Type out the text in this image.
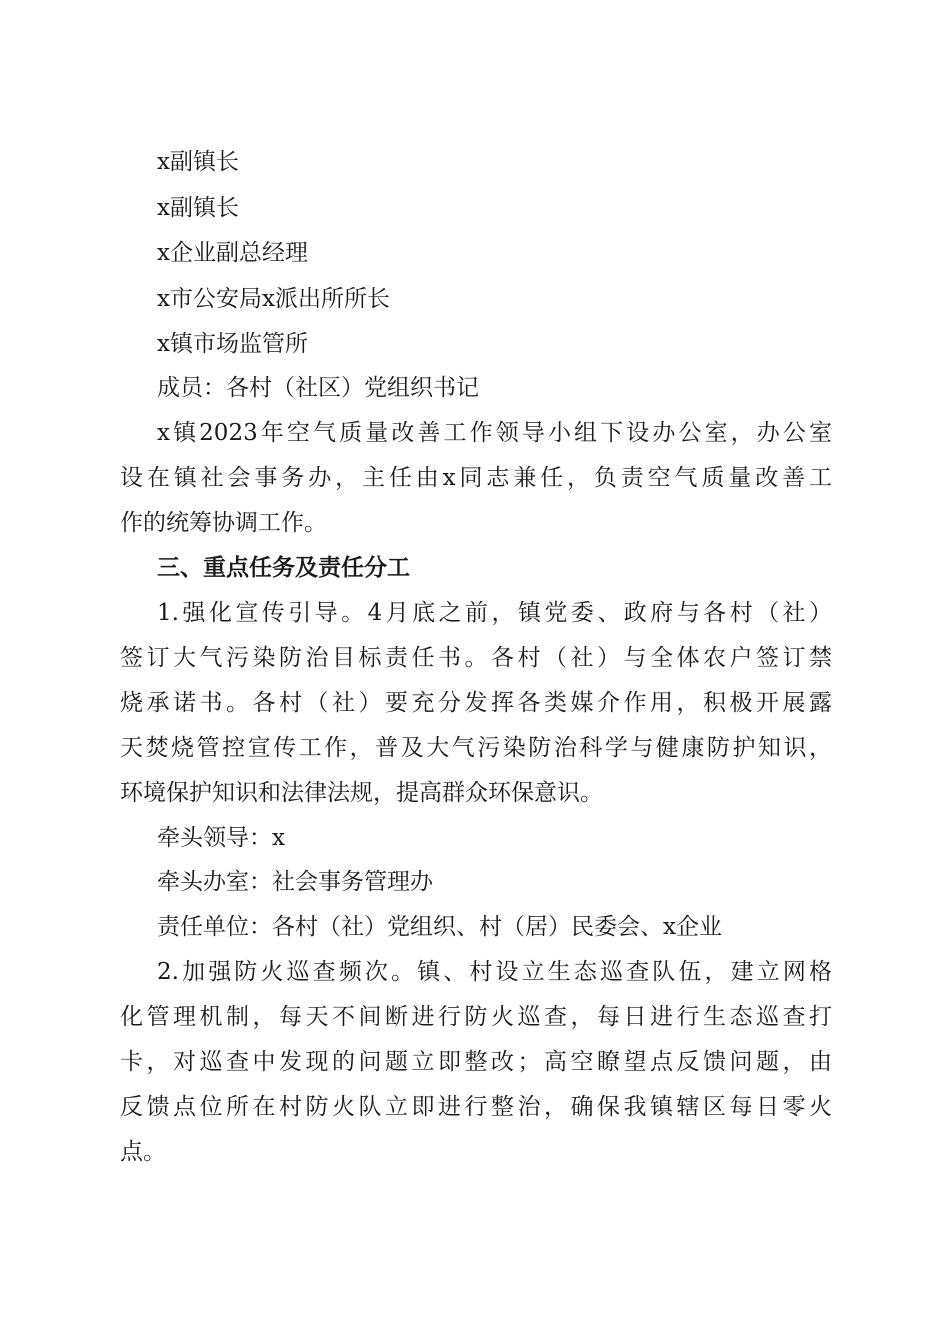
x副镇长
x副镇长
x企业副总经理
x市公安局x派出所所长
x镇市场监管所
成员：各村（社区）党组织书记
x镇2023年空气质量改善工作领导小组下设办公室，办公室
设在镇社会事务办，主任由x同志兼任，负责空气质量改善工
作的统筹协调工作。
三、重点任务及责任分工
1.强化宣传引导。4月底之前，镇党委、政府与各村（社）
签订大气污染防治目标责任书。各村（社）与全体农户签订禁
烧承诺书。各村（社）要充分发挥各类媒介作用，积极开展露
天焚烧管控宣传工作，普及大气污染防治科学与健康防护知识，
环境保护知识和法律法规，提高群众环保意识。
牵头领导：x
牵头办室：社会事务管理办
责任单位：各村（社）党组织、村（居）民委会、x企业
2.加强防火巡查频次。镇、村设立生态巡查队伍，建立网格
化管理机制，每天不间断进行防火巡查，每日进行生态巡查打
卡，对巡查中发现的问题立即整改；高空瞭望点反馈问题，由
反馈点位所在村防火队立即进行整治，确保我镇辖区每日零火
点。
